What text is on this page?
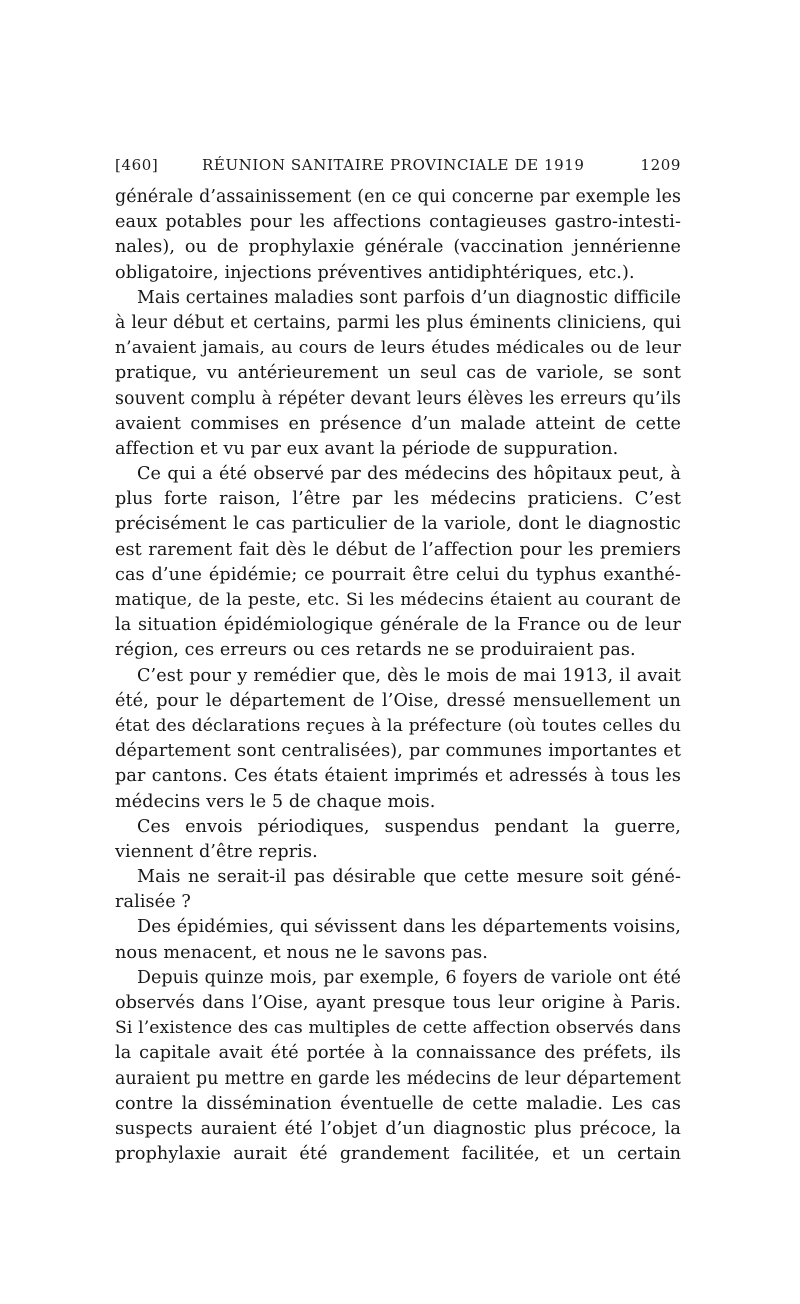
[460]	RÉUNION SANITAIRE PROVINCIALE DE 1919	1209
générale d’assainissement (en ce qui concerne par exemple les
eaux potables pour les affections contagieuses gastro-intesti-
nales), ou de prophylaxie générale (vaccination jennérienne
obligatoire, injections préventives antidiphtériques, etc.).
Mais certaines maladies sont parfois d’un diagnostic difficile
à leur début et certains, parmi les plus éminents cliniciens, qui
n’avaient jamais, au cours de leurs études médicales ou de leur
pratique, vu antérieurement un seul cas de variole, se sont
souvent complu à répéter devant leurs élèves les erreurs qu’ils
avaient commises en présence d’un malade atteint de cette
affection et vu par eux avant la période de suppuration.
Ce qui a été observé par des médecins des hôpitaux peut, à
plus forte raison, l’être par les médecins praticiens. C’est
précisément le cas particulier de la variole, dont le diagnostic
est rarement fait dès le début de l’affection pour les premiers
cas d’une épidémie; ce pourrait être celui du typhus exanthé-
matique, de la peste, etc. Si les médecins étaient au courant de
la situation épidémiologique générale de la France ou de leur
région, ces erreurs ou ces retards ne se produiraient pas.
C’est pour y remédier que, dès le mois de mai 1913, il avait
été, pour le département de l’Oise, dressé mensuellement un
état des déclarations reçues à la préfecture (où toutes celles du
département sont centralisées), par communes importantes et
par cantons. Ces états étaient imprimés et adressés à tous les
médecins vers le 5 de chaque mois.
Ces envois périodiques, suspendus pendant la guerre,
viennent d’être repris.
Mais ne serait-il pas désirable que cette mesure soit géné-
ralisée ?
Des épidémies, qui sévissent dans les départements voisins,
nous menacent, et nous ne le savons pas.
Depuis quinze mois, par exemple, 6 foyers de variole ont été
observés dans l’Oise, ayant presque tous leur origine à Paris.
Si l’existence des cas multiples de cette affection observés dans
la capitale avait été portée à la connaissance des préfets, ils
auraient pu mettre en garde les médecins de leur département
contre la dissémination éventuelle de cette maladie. Les cas
suspects auraient été l’objet d’un diagnostic plus précoce, la
prophylaxie aurait été grandement facilitée, et un certain
